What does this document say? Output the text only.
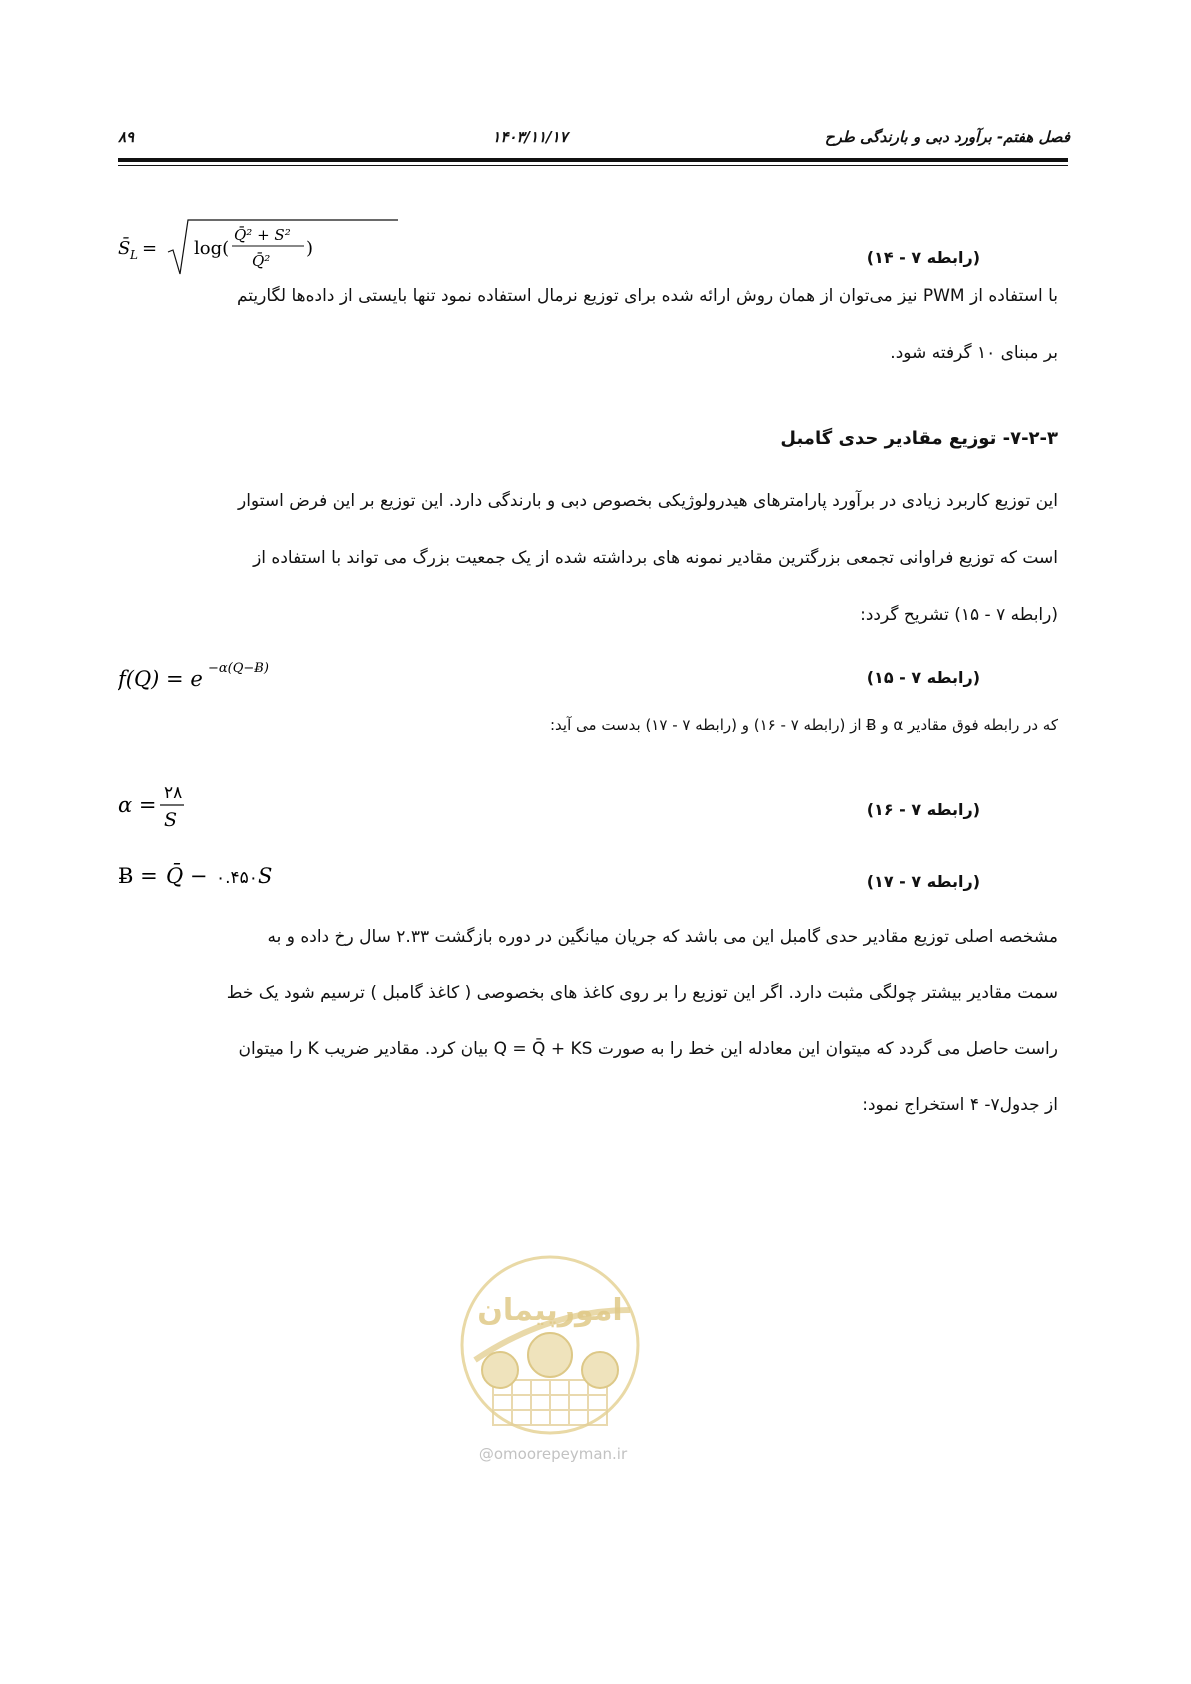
فصل هفتم- برآورد دبی و بارندگی طرح
۱۴۰۳/۱۱/۱۷
۸۹
S̄ L = log(
Q̄² + S²
Q̄²
)	(رابطه ۷ - ۱۴)
با استفاده از PWM نیز می‌توان از همان روش ارائه شده برای توزیع نرمال استفاده نمود تنها بایستی از داده‌ها لگاریتم
بر مبنای ۱۰ گرفته شود.
۷-۲-۳- توزیع مقادیر حدی گامبل
این توزیع کاربرد زیادی در برآورد پارامترهای هیدرولوژیکی بخصوص دبی و بارندگی دارد. این توزیع بر این فرض استوار
است که توزیع فراوانی تجمعی بزرگترین مقادیر نمونه های برداشته شده از یک جمعیت بزرگ می تواند با استفاده از
(رابطه ۷ - ۱۵) تشریح گردد:
f(Q) = e −α(Q−Ƀ)	(رابطه ۷ - ۱۵)
که در رابطه فوق مقادیر α و Ƀ از (رابطه ۷ - ۱۶) و (رابطه ۷ - ۱۷) بدست می آید:
α = ۲۸
S	(رابطه ۷ - ۱۶)
Ƀ = Q̄ − ۰.۴۵۰ S	(رابطه ۷ - ۱۷)
مشخصه اصلی توزیع مقادیر حدی گامبل این می باشد که جریان میانگین در دوره بازگشت ۲.۳۳ سال رخ داده و به
سمت مقادیر بیشتر چولگی مثبت دارد. اگر این توزیع را بر روی کاغذ های بخصوصی ( کاغذ گامبل ) ترسیم شود یک خط
راست حاصل می گردد که میتوان این معادله این خط را به صورت Q = Q̄ + KS بیان کرد. مقادیر ضریب K را میتوان
از جدول۷- ۴ استخراج نمود:
امورپیمان
@omoorepeyman.ir
